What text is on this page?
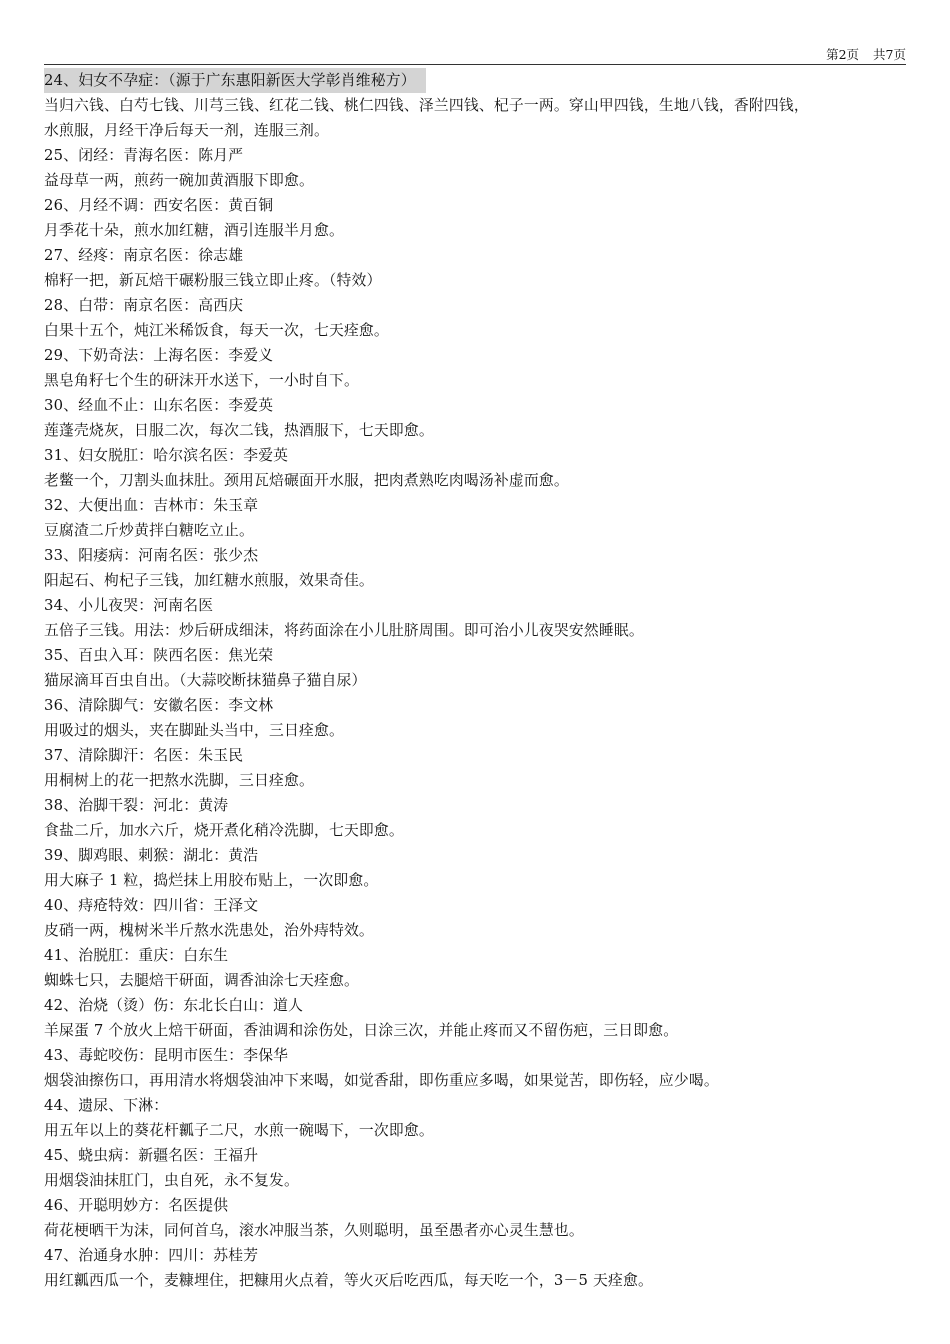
第2页 共7页
24、妇女不孕症：（源于广东惠阳新医大学彰肖维秘方）
当归六钱、白芍七钱、川芎三钱、红花二钱、桃仁四钱、泽兰四钱、杞子一两。穿山甲四钱，生地八钱，香附四钱，
水煎服，月经干净后每天一剂，连服三剂。
25、闭经：青海名医：陈月严
益母草一两，煎药一碗加黄酒服下即愈。
26、月经不调：西安名医：黄百铜
月季花十朵，煎水加红糖，酒引连服半月愈。
27、经疼：南京名医：徐志雄
棉籽一把，新瓦焙干碾粉服三钱立即止疼。（特效）
28、白带：南京名医：高西庆
白果十五个，炖江米稀饭食，每天一次，七天痊愈。
29、下奶奇法：上海名医：李爱义
黑皂角籽七个生的研沫开水送下，一小时自下。
30、经血不止：山东名医：李爱英
莲蓬壳烧灰，日服二次，每次二钱，热酒服下，七天即愈。
31、妇女脱肛：哈尔滨名医：李爱英
老鳖一个，刀割头血抹肚。颈用瓦焙碾面开水服，把肉煮熟吃肉喝汤补虚而愈。
32、大便出血：吉林市：朱玉章
豆腐渣二斤炒黄拌白糖吃立止。
33、阳痿病：河南名医：张少杰
阳起石、枸杞子三钱，加红糖水煎服，效果奇佳。
34、小儿夜哭：河南名医
五倍子三钱。用法：炒后研成细沫，将药面涂在小儿肚脐周围。即可治小儿夜哭安然睡眠。
35、百虫入耳：陕西名医：焦光荣
猫尿滴耳百虫自出。（大蒜咬断抹猫鼻子猫自尿）
36、清除脚气：安徽名医：李文林
用吸过的烟头，夹在脚趾头当中，三日痊愈。
37、清除脚汗：名医：朱玉民
用桐树上的花一把熬水洗脚，三日痊愈。
38、治脚干裂：河北：黄涛
食盐二斤，加水六斤，烧开煮化稍冷洗脚，七天即愈。
39、脚鸡眼、刺猴：湖北：黄浩
用大麻子 1 粒，捣烂抹上用胶布贴上，一次即愈。
40、痔疮特效：四川省：王泽文
皮硝一两，槐树米半斤熬水洗患处，治外痔特效。
41、治脱肛：重庆：白东生
蜘蛛七只，去腿焙干研面，调香油涂七天痊愈。
42、治烧（烫）伤：东北长白山：道人
羊屎蛋 7 个放火上焙干研面，香油调和涂伤处，日涂三次，并能止疼而又不留伤疤，三日即愈。
43、毒蛇咬伤：昆明市医生：李保华
烟袋油擦伤口，再用清水将烟袋油冲下来喝，如觉香甜，即伤重应多喝，如果觉苦，即伤轻，应少喝。
44、遗尿、下淋：
用五年以上的葵花杆瓤子二尺，水煎一碗喝下，一次即愈。
45、蛲虫病：新疆名医：王福升
用烟袋油抹肛门，虫自死，永不复发。
46、开聪明妙方：名医提供
荷花梗晒干为沫，同何首乌，滚水冲服当茶，久则聪明，虽至愚者亦心灵生慧也。
47、治通身水肿：四川：苏桂芳
用红瓤西瓜一个，麦糠埋住，把糠用火点着，等火灭后吃西瓜，每天吃一个，3－5 天痊愈。
